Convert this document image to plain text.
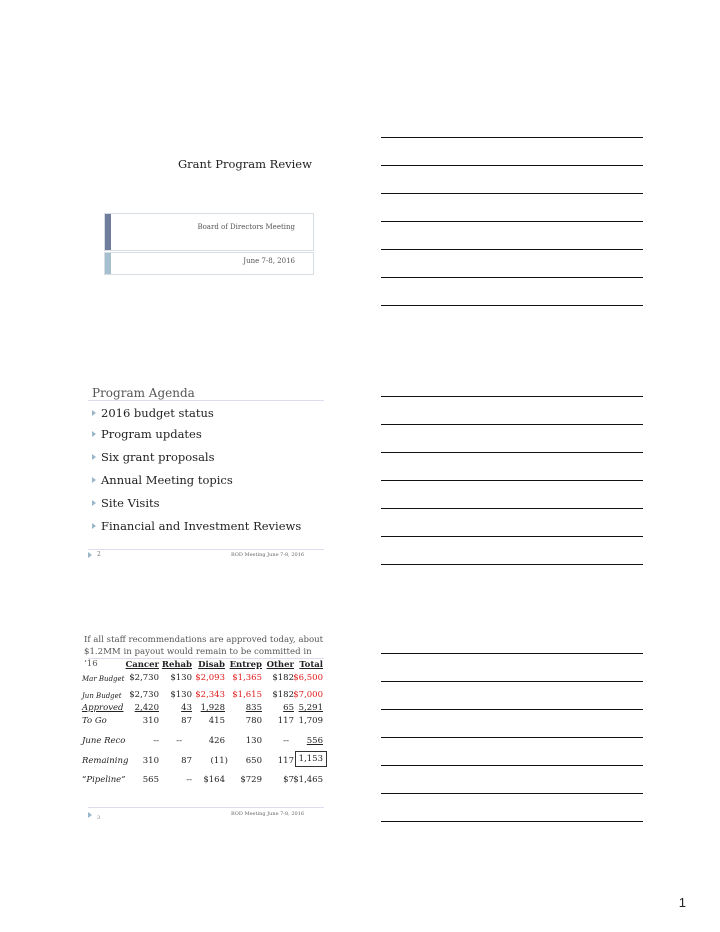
Grant Program Review
Board of Directors Meeting
June 7-8, 2016
Program Agenda
2016 budget status
Program updates
Six grant proposals
Annual Meeting topics
Site Visits
Financial and Investment Reviews
2	BOD Meeting June 7-8, 2016
If all staff recommendations are approved today, about
$1.2MM in payout would remain to be committed in ‘16	Cancer Rehab Disab Entrep Other Total
Mar Budget $2,730 $130 $2,093 $1,365 $182 $6,500
Jun Budget $2,730 $130 $2,343 $1,615 $182 $7,000
Approved 2,420	43 1,928 835 65 5,291
To Go	310	87 415 780 117 1,709
June Reco	-- --	426 130	-- 556
Remaining 310	87 (11) 650 117 1,153
“Pipeline” 565	-- $164 $729 $7 $1,465
3
BOD Meeting June 7-8, 2016
1
